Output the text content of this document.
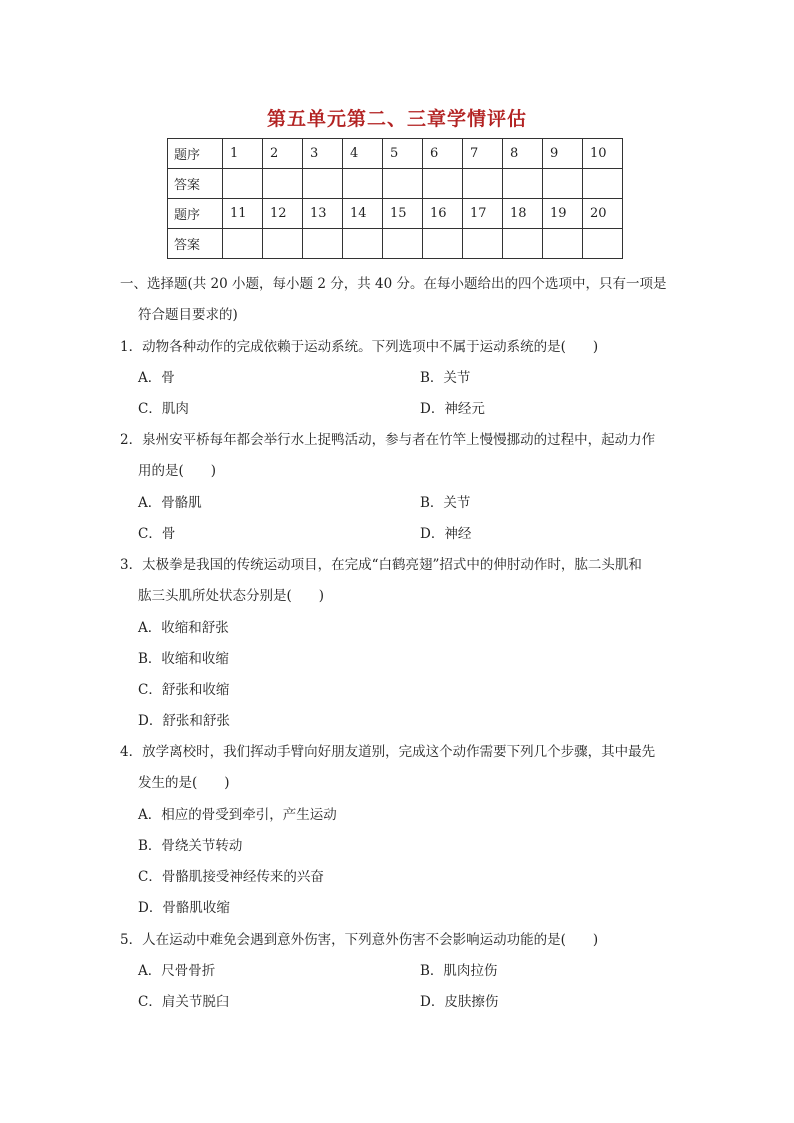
第五单元第二、三章学情评估
题序	1	2	3	4	5	6	7	8	9	10
答案										
题序	11	12	13	14	15	16	17	18	19	20
答案										
一、选择题(共 20 小题，每小题 2 分，共 40 分。在每小题给出的四个选项中，只有一项是
符合题目要求的)
1．动物各种动作的完成依赖于运动系统。下列选项中不属于运动系统的是(　　)
A．骨	B．关节
C．肌肉	D．神经元
2．泉州安平桥每年都会举行水上捉鸭活动，参与者在竹竿上慢慢挪动的过程中，起动力作
用的是(　　)
A．骨骼肌	B．关节
C．骨	D．神经
3．太极拳是我国的传统运动项目，在完成“白鹤亮翅”招式中的伸肘动作时，肱二头肌和
肱三头肌所处状态分别是(　　)
A．收缩和舒张
B．收缩和收缩
C．舒张和收缩
D．舒张和舒张
4．放学离校时，我们挥动手臂向好朋友道别，完成这个动作需要下列几个步骤，其中最先
发生的是(　　)
A．相应的骨受到牵引，产生运动
B．骨绕关节转动
C．骨骼肌接受神经传来的兴奋
D．骨骼肌收缩
5．人在运动中难免会遇到意外伤害，下列意外伤害不会影响运动功能的是(　　)
A．尺骨骨折	B．肌肉拉伤
C．肩关节脱臼	D．皮肤擦伤
